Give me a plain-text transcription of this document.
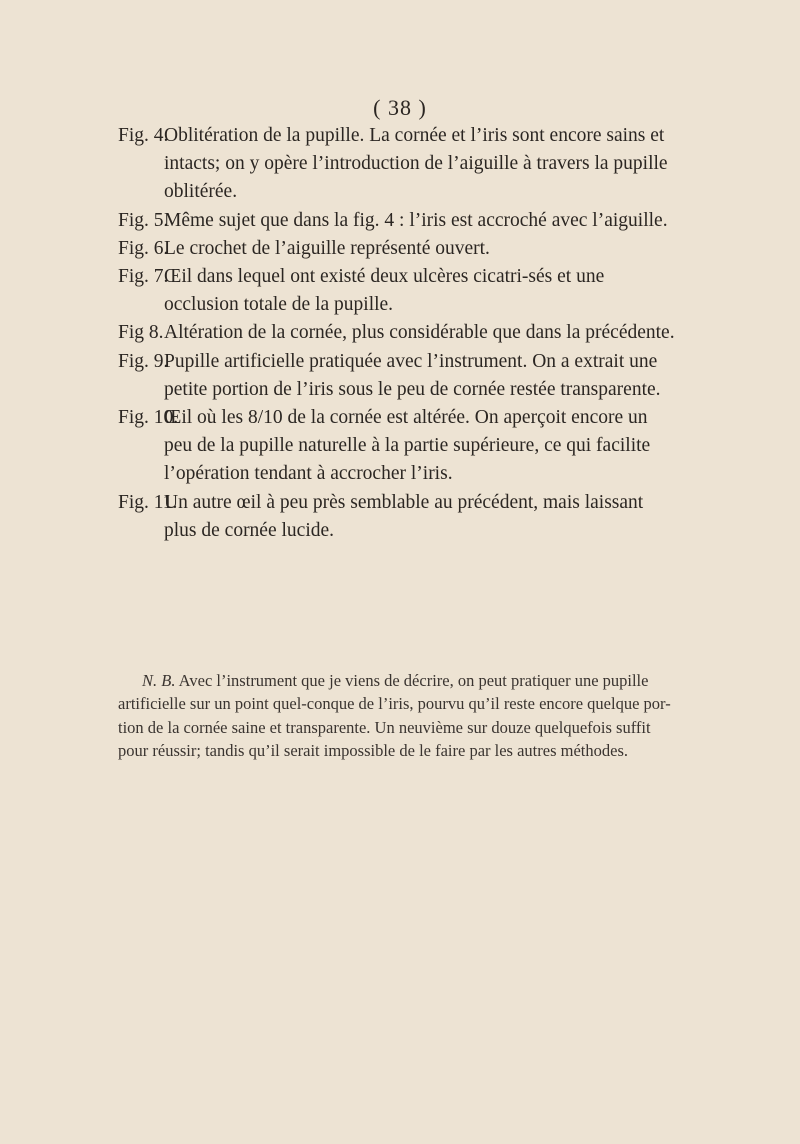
( 38 )
Fig. 4.
Oblitération de la pupille. La cornée et l’iris sont encore sains et intacts; on y opère l’introduction de l’aiguille à travers la pupille oblitérée.
Fig. 5.
Même sujet que dans la fig. 4 : l’iris est accroché avec l’aiguille.
Fig. 6.
Le crochet de l’aiguille représenté ouvert.
Fig. 7.
Œil dans lequel ont existé deux ulcères cicatri-sés et une occlusion totale de la pupille.
Fig 8. Altération de la cornée, plus considérable que dans la précédente.
Fig. 9.
Pupille artificielle pratiquée avec l’instrument. On a extrait une petite portion de l’iris sous le peu de cornée restée transparente.
Fig. 10.
Œil où les 8/10 de la cornée est altérée. On aperçoit encore un peu de la pupille naturelle à la partie supérieure, ce qui facilite l’opération tendant à accrocher l’iris.
Fig. 11.
Un autre œil à peu près semblable au précédent, mais laissant plus de cornée lucide.

N. B. Avec l’instrument que je viens de décrire, on peut pratiquer une pupille artificielle sur un point quel-conque de l’iris, pourvu qu’il reste encore quelque por-tion de la cornée saine et transparente. Un neuvième sur douze quelquefois suffit pour réussir; tandis qu’il serait impossible de le faire par les autres méthodes.
